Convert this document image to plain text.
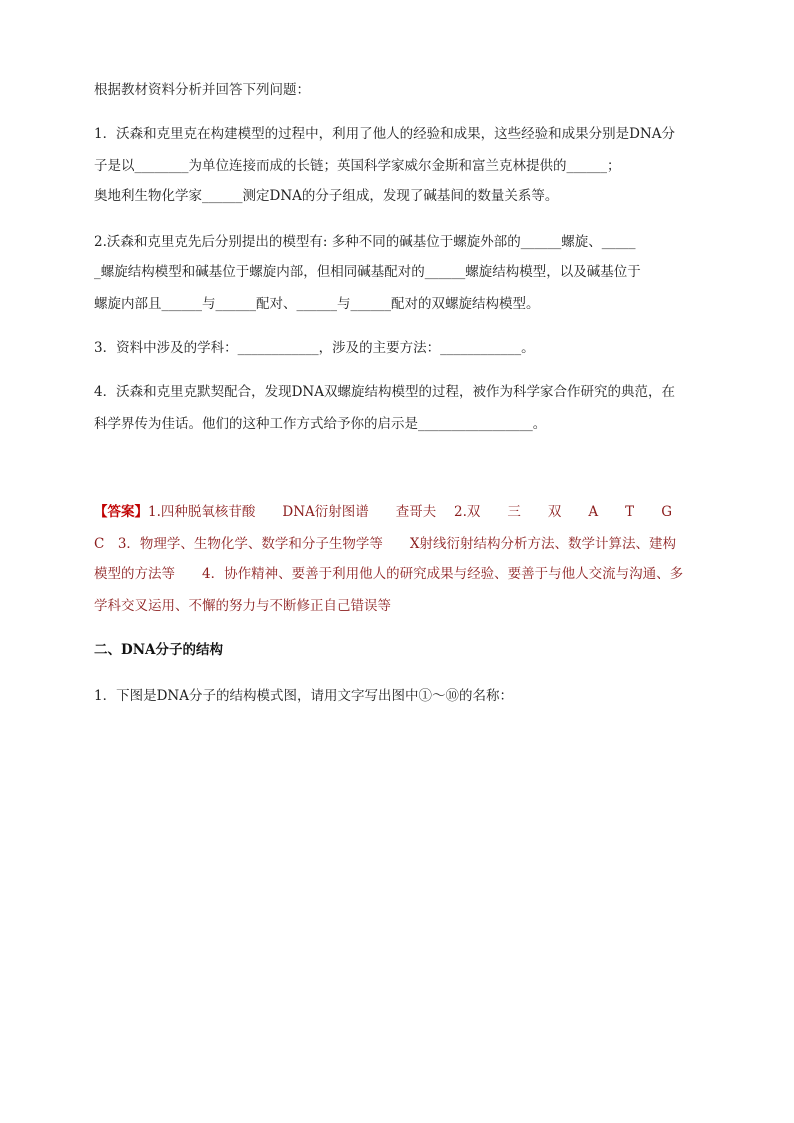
根据教材资料分析并回答下列问题：
1．沃森和克里克在构建模型的过程中，利用了他人的经验和成果，这些经验和成果分别是DNA分
子是以________为单位连接而成的长链；英国科学家威尔金斯和富兰克林提供的______；
奥地利生物化学家______测定DNA的分子组成，发现了碱基间的数量关系等。
2.沃森和克里克先后分别提出的模型有: 多种不同的碱基位于螺旋外部的______螺旋、_____
_螺旋结构模型和碱基位于螺旋内部，但相同碱基配对的______螺旋结构模型，以及碱基位于
螺旋内部且______与______配对、______与______配对的双螺旋结构模型。
3．资料中涉及的学科：____________，涉及的主要方法：____________。
4．沃森和克里克默契配合，发现DNA双螺旋结构模型的过程，被作为科学家合作研究的典范，在
科学界传为佳话。他们的这种工作方式给予你的启示是_________________。
【答案】1.四种脱氧核苷酸　　DNA衍射图谱　　查哥夫　 2.双　　三　　双　　A　　T　　G
C　3．物理学、生物化学、数学和分子生物学等　　X射线衍射结构分析方法、数学计算法、建构
模型的方法等　　4．协作精神、要善于利用他人的研究成果与经验、要善于与他人交流与沟通、多
学科交叉运用、不懈的努力与不断修正自己错误等
二、DNA分子的结构
1．下图是DNA分子的结构模式图，请用文字写出图中①～⑩的名称：
